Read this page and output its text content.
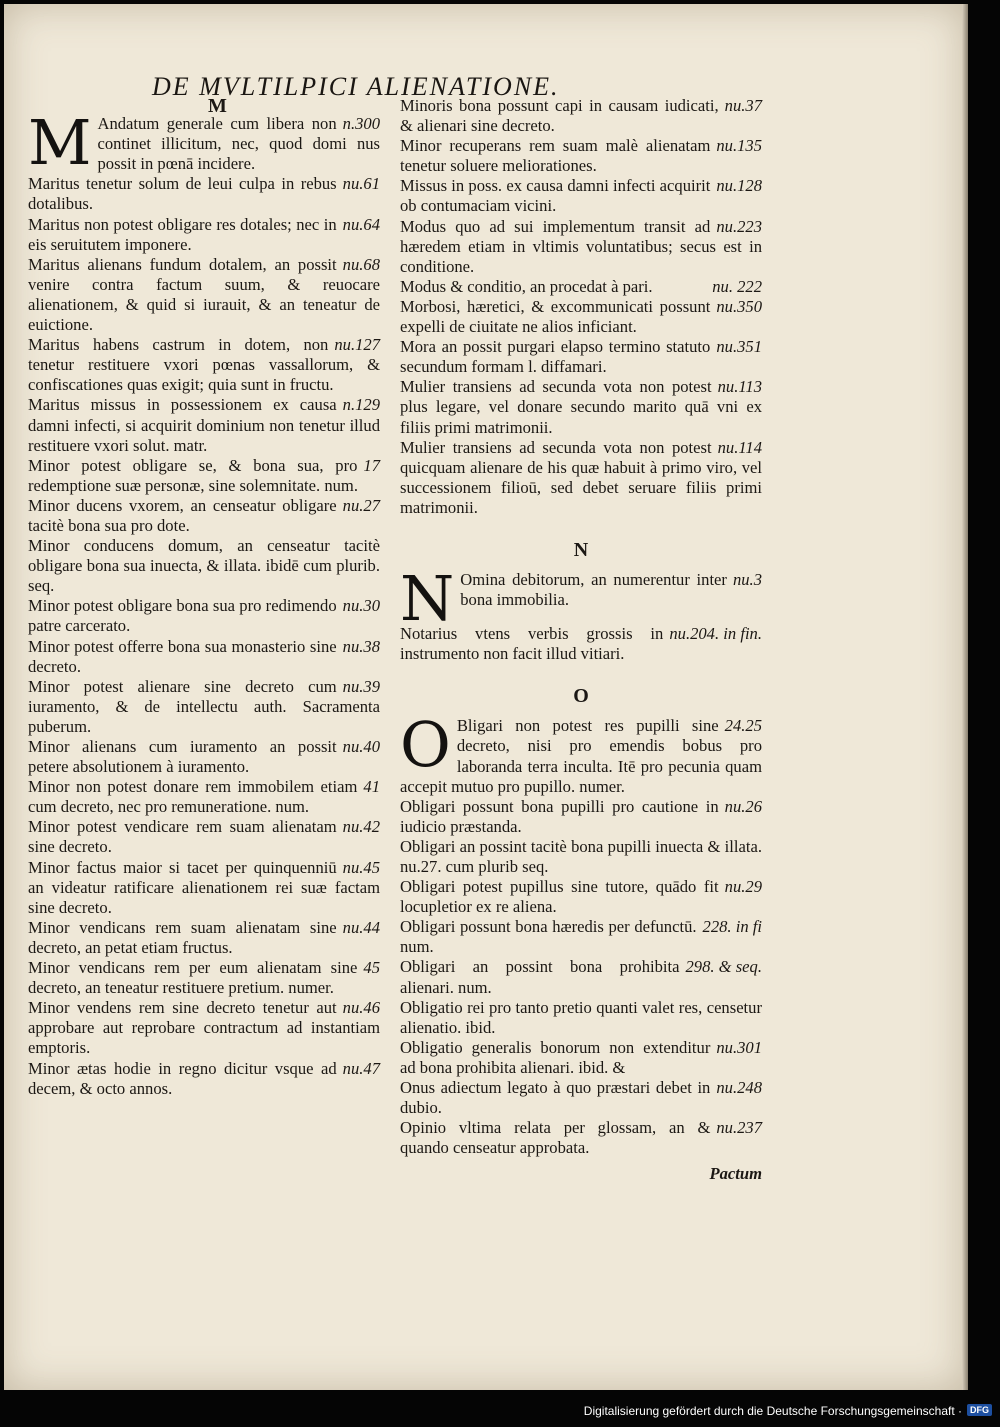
DE MVLTILPICI ALIENATIONE.

M

M	n.300
Andatum generale cum libera non continet illicitum, nec, quod domi nus possit in pœnā incidere.

nu.61
Maritus tenetur solum de leui culpa in rebus dotalibus.

nu.64
Maritus non potest obligare res dotales; nec in eis seruitutem imponere.

nu.68
Maritus alienans fundum dotalem, an possit venire contra factum suum, & reuocare alienationem, & quid si iurauit, & an teneatur de euictione.

nu.127
Maritus habens castrum in dotem, non tenetur restituere vxori pœnas vassallorum, & confiscationes quas exigit; quia sunt in fructu.

n.129
Maritus missus in possessionem ex causa damni infecti, si acquirit dominium non tenetur illud restituere vxori solut. matr.

17
Minor potest obligare se, & bona sua, pro redemptione suæ personæ, sine solemnitate. num.

nu.27
Minor ducens vxorem, an censeatur obligare tacitè bona sua pro dote.

Minor conducens domum, an censeatur tacitè obligare bona sua inuecta, & illata. ibidē cum plurib. seq.

nu.30
Minor potest obligare bona sua pro redimendo patre carcerato.

nu.38
Minor potest offerre bona sua monasterio sine decreto.

nu.39
Minor potest alienare sine decreto cum iuramento, & de intellectu auth. Sacramenta puberum.

nu.40
Minor alienans cum iuramento an possit petere absolutionem à iuramento.

41
Minor non potest donare rem immobilem etiam cum decreto, nec pro remuneratione. num.

nu.42
Minor potest vendicare rem suam alienatam sine decreto.

nu.45
Minor factus maior si tacet per quinquenniū an videatur ratificare alienationem rei suæ factam sine decreto.

nu.44
Minor vendicans rem suam alienatam sine decreto, an petat etiam fructus.

45
Minor vendicans rem per eum alienatam sine decreto, an teneatur restituere pretium. numer.

nu.46
Minor vendens rem sine decreto tenetur aut approbare aut reprobare contractum ad instantiam emptoris.

nu.47
Minor ætas hodie in regno dicitur vsque ad decem, & octo annos.

nu.37
Minoris bona possunt capi in causam iudicati, & alienari sine decreto.

nu.135
Minor recuperans rem suam malè alienatam tenetur soluere meliorationes.

nu.128
Missus in poss. ex causa damni infecti acquirit ob contumaciam vicini.

nu.223
Modus quo ad sui implementum transit ad hæredem etiam in vltimis voluntatibus; secus est in conditione.

nu. 222
Modus & conditio, an procedat à pari.

nu.350
Morbosi, hæretici, & excommunicati possunt expelli de ciuitate ne alios inficiant.

nu.351
Mora an possit purgari elapso termino statuto secundum formam l. diffamari.

nu.113
Mulier transiens ad secunda vota non potest plus legare, vel donare secundo marito quā vni ex filiis primi matrimonii.

nu.114
Mulier transiens ad secunda vota non potest quicquam alienare de his quæ habuit à primo viro, vel successionem filioū, sed debet seruare filiis primi matrimonii.

N

N	nu.3
Omina debitorum, an numerentur inter bona immobilia.

nu.204. in fin.
Notarius vtens verbis grossis in instrumento non facit illud vitiari.

O

O	24.25
Bligari non potest res pupilli sine decreto, nisi pro emendis bobus pro laboranda terra inculta. Itē pro pecunia quam accepit mutuo pro pupillo. numer.

nu.26
Obligari possunt bona pupilli pro cautione in iudicio præstanda.

Obligari an possint tacitè bona pupilli inuecta & illata. nu.27. cum plurib seq.

nu.29
Obligari potest pupillus sine tutore, quādo fit locupletior ex re aliena.

228. in fi
Obligari possunt bona hæredis per defunctū. num.

298. & seq.
Obligari an possint bona prohibita alienari. num.

Obligatio rei pro tanto pretio quanti valet res, censetur alienatio. ibid.

nu.301
Obligatio generalis bonorum non extenditur ad bona prohibita alienari. ibid. &

nu.248
Onus adiectum legato à quo præstari debet in dubio.

nu.237
Opinio vltima relata per glossam, an & quando censeatur approbata.

Pactum
Digitalisierung gefördert durch die Deutsche Forschungsgemeinschaft · DFG
